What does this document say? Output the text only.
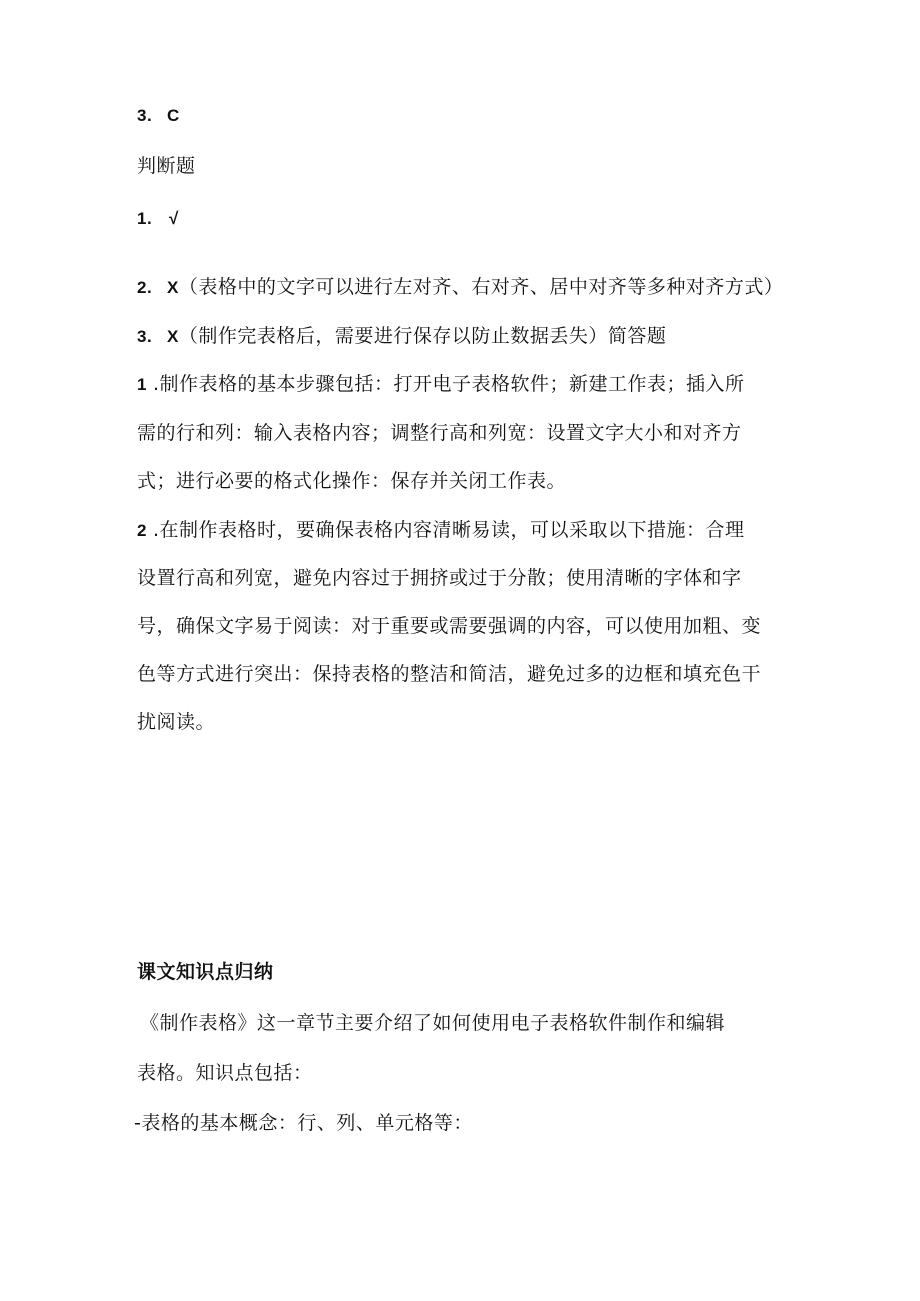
3. C
判断题
1. √
2. X（表格中的文字可以进行左对齐、右对齐、居中对齐等多种对齐方式）
3. X（制作完表格后，需要进行保存以防止数据丢失）简答题
1 .制作表格的基本步骤包括：打开电子表格软件；新建工作表；插入所
需的行和列：输入表格内容；调整行高和列宽：设置文字大小和对齐方
式；进行必要的格式化操作：保存并关闭工作表。
2 .在制作表格时，要确保表格内容清晰易读，可以采取以下措施：合理
设置行高和列宽，避免内容过于拥挤或过于分散；使用清晰的字体和字
号，确保文字易于阅读：对于重要或需要强调的内容，可以使用加粗、变
色等方式进行突出：保持表格的整洁和简洁，避免过多的边框和填充色干
扰阅读。
课文知识点归纳
《制作表格》这一章节主要介绍了如何使用电子表格软件制作和编辑
表格。知识点包括：
-表格的基本概念：行、列、单元格等：
